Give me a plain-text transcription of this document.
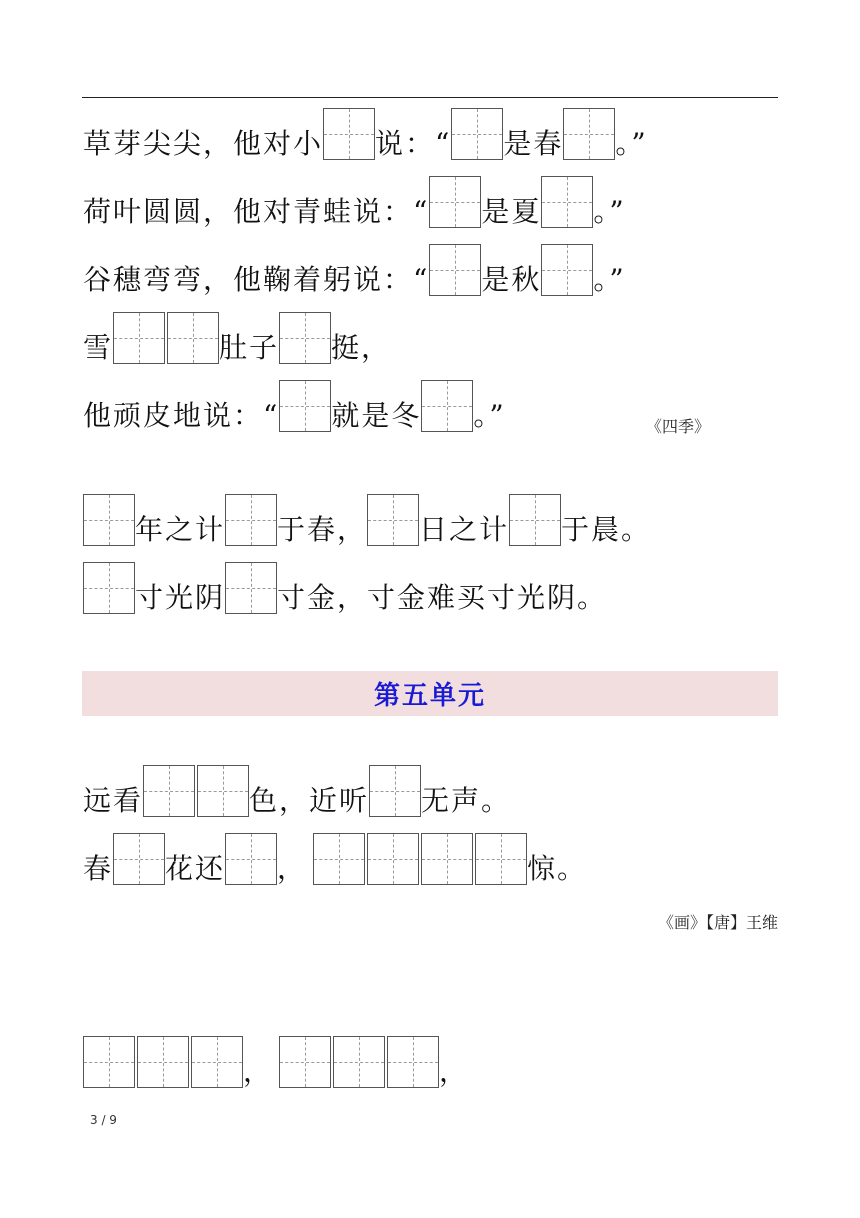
草芽尖尖，他对小 说：“ 是春 。”
荷叶圆圆，他对青蛙说：“ 是夏 。”
谷穗弯弯，他鞠着躬说：“ 是秋 。”
雪	肚子 挺，
他顽皮地说：“ 就是冬 。”	《四季》
年之计 于春， 日之计 于晨。
寸光阴 寸金，寸金难买寸光阴。
第五单元
远看	色，近听 无声。
春 花还 ，	惊。
《画》【唐】王维
，	，
3 / 9
